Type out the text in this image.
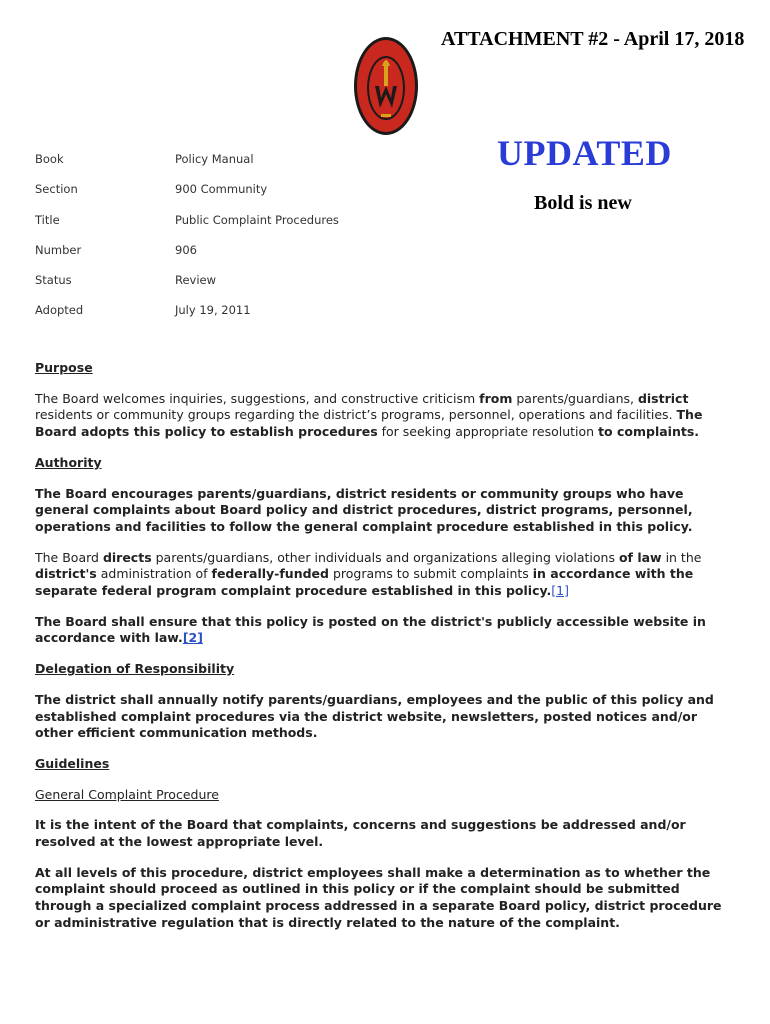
ATTACHMENT #2 - April 17, 2018
UPDATED
Bold is new
Book	Policy Manual
Section	900 Community
Title	Public Complaint Procedures
Number	906
Status	Review
Adopted	July 19, 2011
Purpose

The Board welcomes inquiries, suggestions, and constructive criticism from parents/guardians, district residents or community groups regarding the district’s programs, personnel, operations and facilities. The Board adopts this policy to establish procedures for seeking appropriate resolution to complaints.

Authority

The Board encourages parents/guardians, district residents or community groups who have general complaints about Board policy and district procedures, district programs, personnel, operations and facilities to follow the general complaint procedure established in this policy.

The Board directs parents/guardians, other individuals and organizations alleging violations of law in the district's administration of federally-funded programs to submit complaints in accordance with the separate federal program complaint procedure established in this policy.[1]

The Board shall ensure that this policy is posted on the district's publicly accessible website in accordance with law.[2]

Delegation of Responsibility

The district shall annually notify parents/guardians, employees and the public of this policy and established complaint procedures via the district website, newsletters, posted notices and/or other efficient communication methods.

Guidelines
General Complaint Procedure

It is the intent of the Board that complaints, concerns and suggestions be addressed and/or resolved at the lowest appropriate level.

At all levels of this procedure, district employees shall make a determination as to whether the complaint should proceed as outlined in this policy or if the complaint should be submitted through a specialized complaint process addressed in a separate Board policy, district procedure or administrative regulation that is directly related to the nature of the complaint.
